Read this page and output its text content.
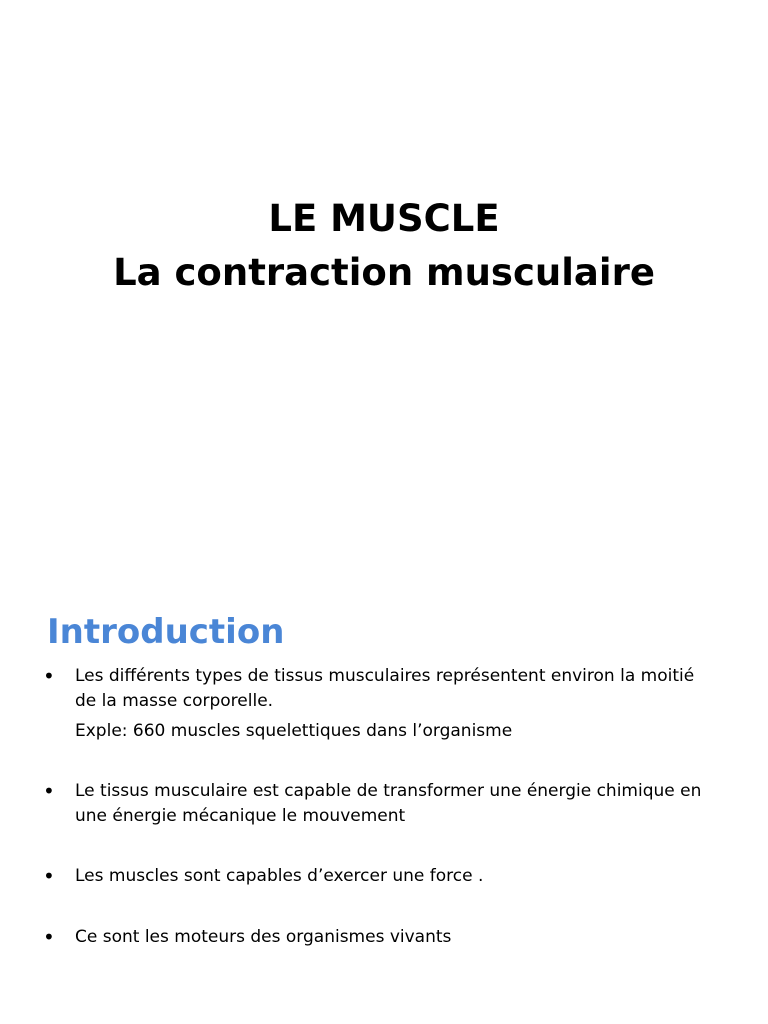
LE MUSCLE
La contraction musculaire
Introduction
•	Les différents types de tissus musculaires représentent environ la moitié de la masse corporelle.
Exple: 660 muscles squelettiques dans l’organisme
•	Le tissus musculaire est capable de transformer une énergie chimique en une énergie mécanique le mouvement
•	Les muscles sont capables d’exercer une force .
•	Ce sont les moteurs des organismes vivants
